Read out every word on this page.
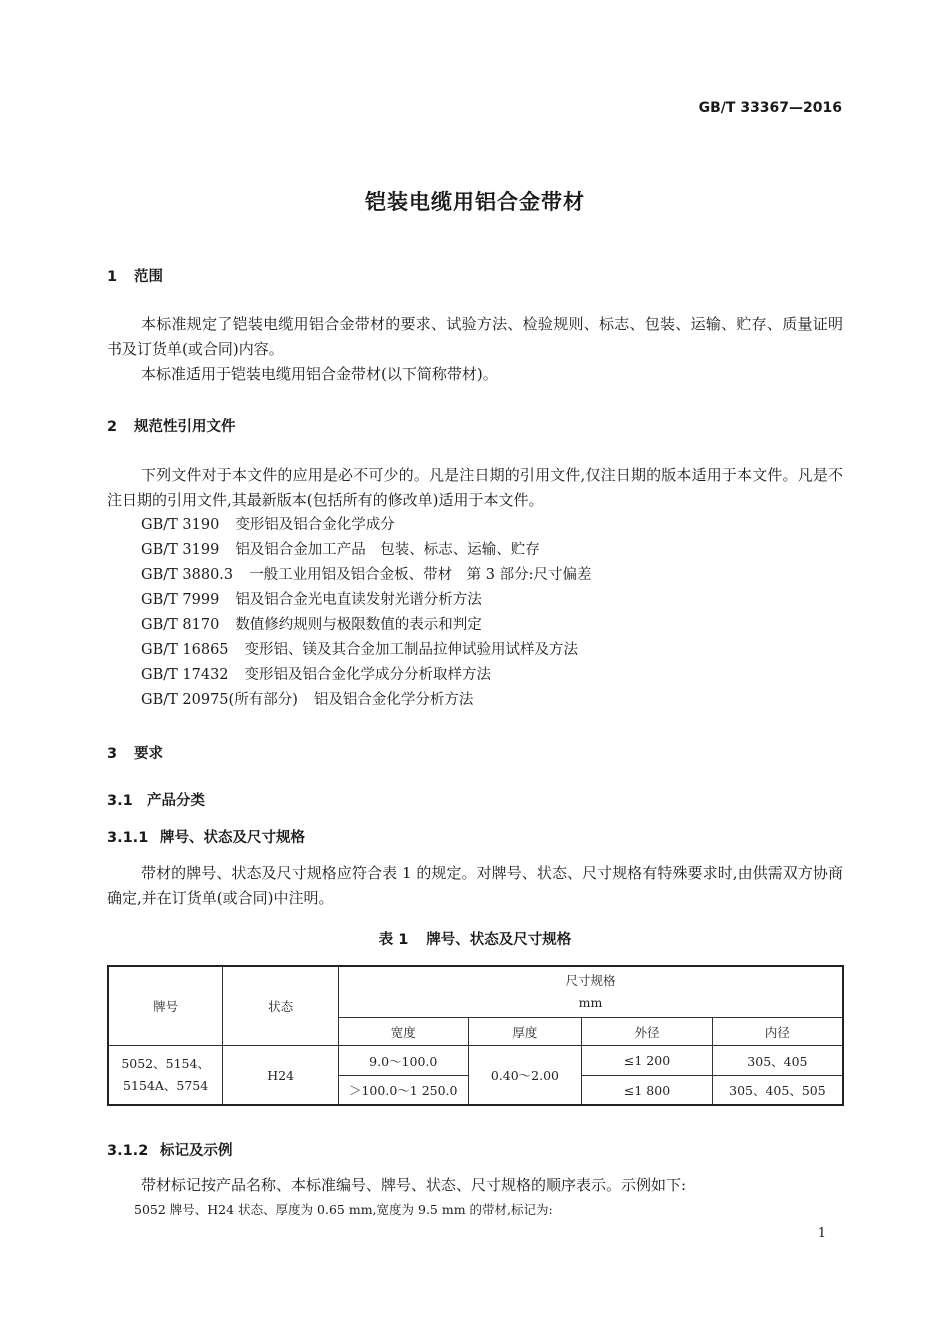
GB/T 33367—2016
铠装电缆用铝合金带材
1 范围
本标准规定了铠装电缆用铝合金带材的要求、试验方法、检验规则、标志、包装、运输、贮存、质量证明书及订货单(或合同)内容。
本标准适用于铠装电缆用铝合金带材(以下简称带材)。
2 规范性引用文件
下列文件对于本文件的应用是必不可少的。凡是注日期的引用文件,仅注日期的版本适用于本文件。凡是不注日期的引用文件,其最新版本(包括所有的修改单)适用于本文件。
GB/T 3190 变形铝及铝合金化学成分
GB/T 3199 铝及铝合金加工产品　包装、标志、运输、贮存
GB/T 3880.3 一般工业用铝及铝合金板、带材　第 3 部分:尺寸偏差
GB/T 7999 铝及铝合金光电直读发射光谱分析方法
GB/T 8170 数值修约规则与极限数值的表示和判定
GB/T 16865 变形铝、镁及其合金加工制品拉伸试验用试样及方法
GB/T 17432 变形铝及铝合金化学成分分析取样方法
GB/T 20975(所有部分) 铝及铝合金化学分析方法
3 要求
3.1 产品分类
3.1.1 牌号、状态及尺寸规格
带材的牌号、状态及尺寸规格应符合表 1 的规定。对牌号、状态、尺寸规格有特殊要求时,由供需双方协商确定,并在订货单(或合同)中注明。
表 1 牌号、状态及尺寸规格
牌号	状态	尺寸规格
mm			

		宽度	厚度	外径	内径

5052、5154、
5154A、5754	H24	9.0～100.0	0.40～2.00	≤1 200	305、405
		＞100.0～1 250.0		≤1 800	305、405、505
3.1.2 标记及示例
带材标记按产品名称、本标准编号、牌号、状态、尺寸规格的顺序表示。示例如下:
5052 牌号、H24 状态、厚度为 0.65 mm,宽度为 9.5 mm 的带材,标记为:
1
